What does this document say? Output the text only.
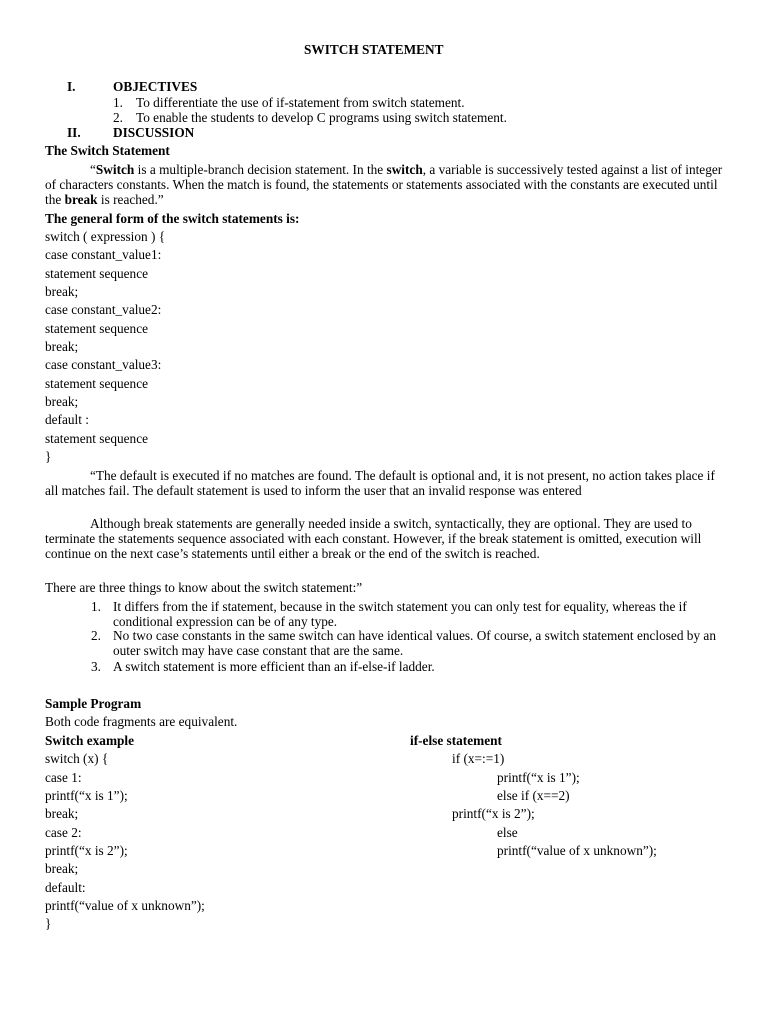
SWITCH STATEMENT
I.	OBJECTIVES
1. To differentiate the use of if-statement from switch statement.
2. To enable the students to develop C programs using switch statement.
II. DISCUSSION
The Switch Statement
“Switch is a multiple-branch decision statement. In the switch, a variable is successively tested against a list of integer of characters constants. When the match is found, the statements or statements associated with the constants are executed until the break is reached.”
The general form of the switch statements is:
switch ( expression ) {
case constant_value1:
statement sequence
break;
case constant_value2:
statement sequence
break;
case constant_value3:
statement sequence
break;
default :
statement sequence
}
“The default is executed if no matches are found. The default is optional and, it is not present, no action takes place if all matches fail. The default statement is used to inform the user that an invalid response was entered
Although break statements are generally needed inside a switch, syntactically, they are optional. They are used to terminate the statements sequence associated with each constant. However, if the break statement is omitted, execution will continue on the next case’s statements until either a break or the end of the switch is reached.
There are three things to know about the switch statement:”
1. It differs from the if statement, because in the switch statement you can only test for equality, whereas the if conditional expression can be of any type.
2. No two case constants in the same switch can have identical values. Of course, a switch statement enclosed by an outer switch may have case constant that are the same.
3. A switch statement is more efficient than an if-else-if ladder.
Sample Program
Both code fragments are equivalent.
Switch example	if-else statement
switch (x) {
case 1:
printf(“x is 1”);
break;
case 2:
printf(“x is 2”);
break;
default:
printf(“value of x unknown”);
}
if (x=:=1)
printf(“x is 1”);
else if (x==2)
printf(“x is 2”);
else
printf(“value of x unknown”);
